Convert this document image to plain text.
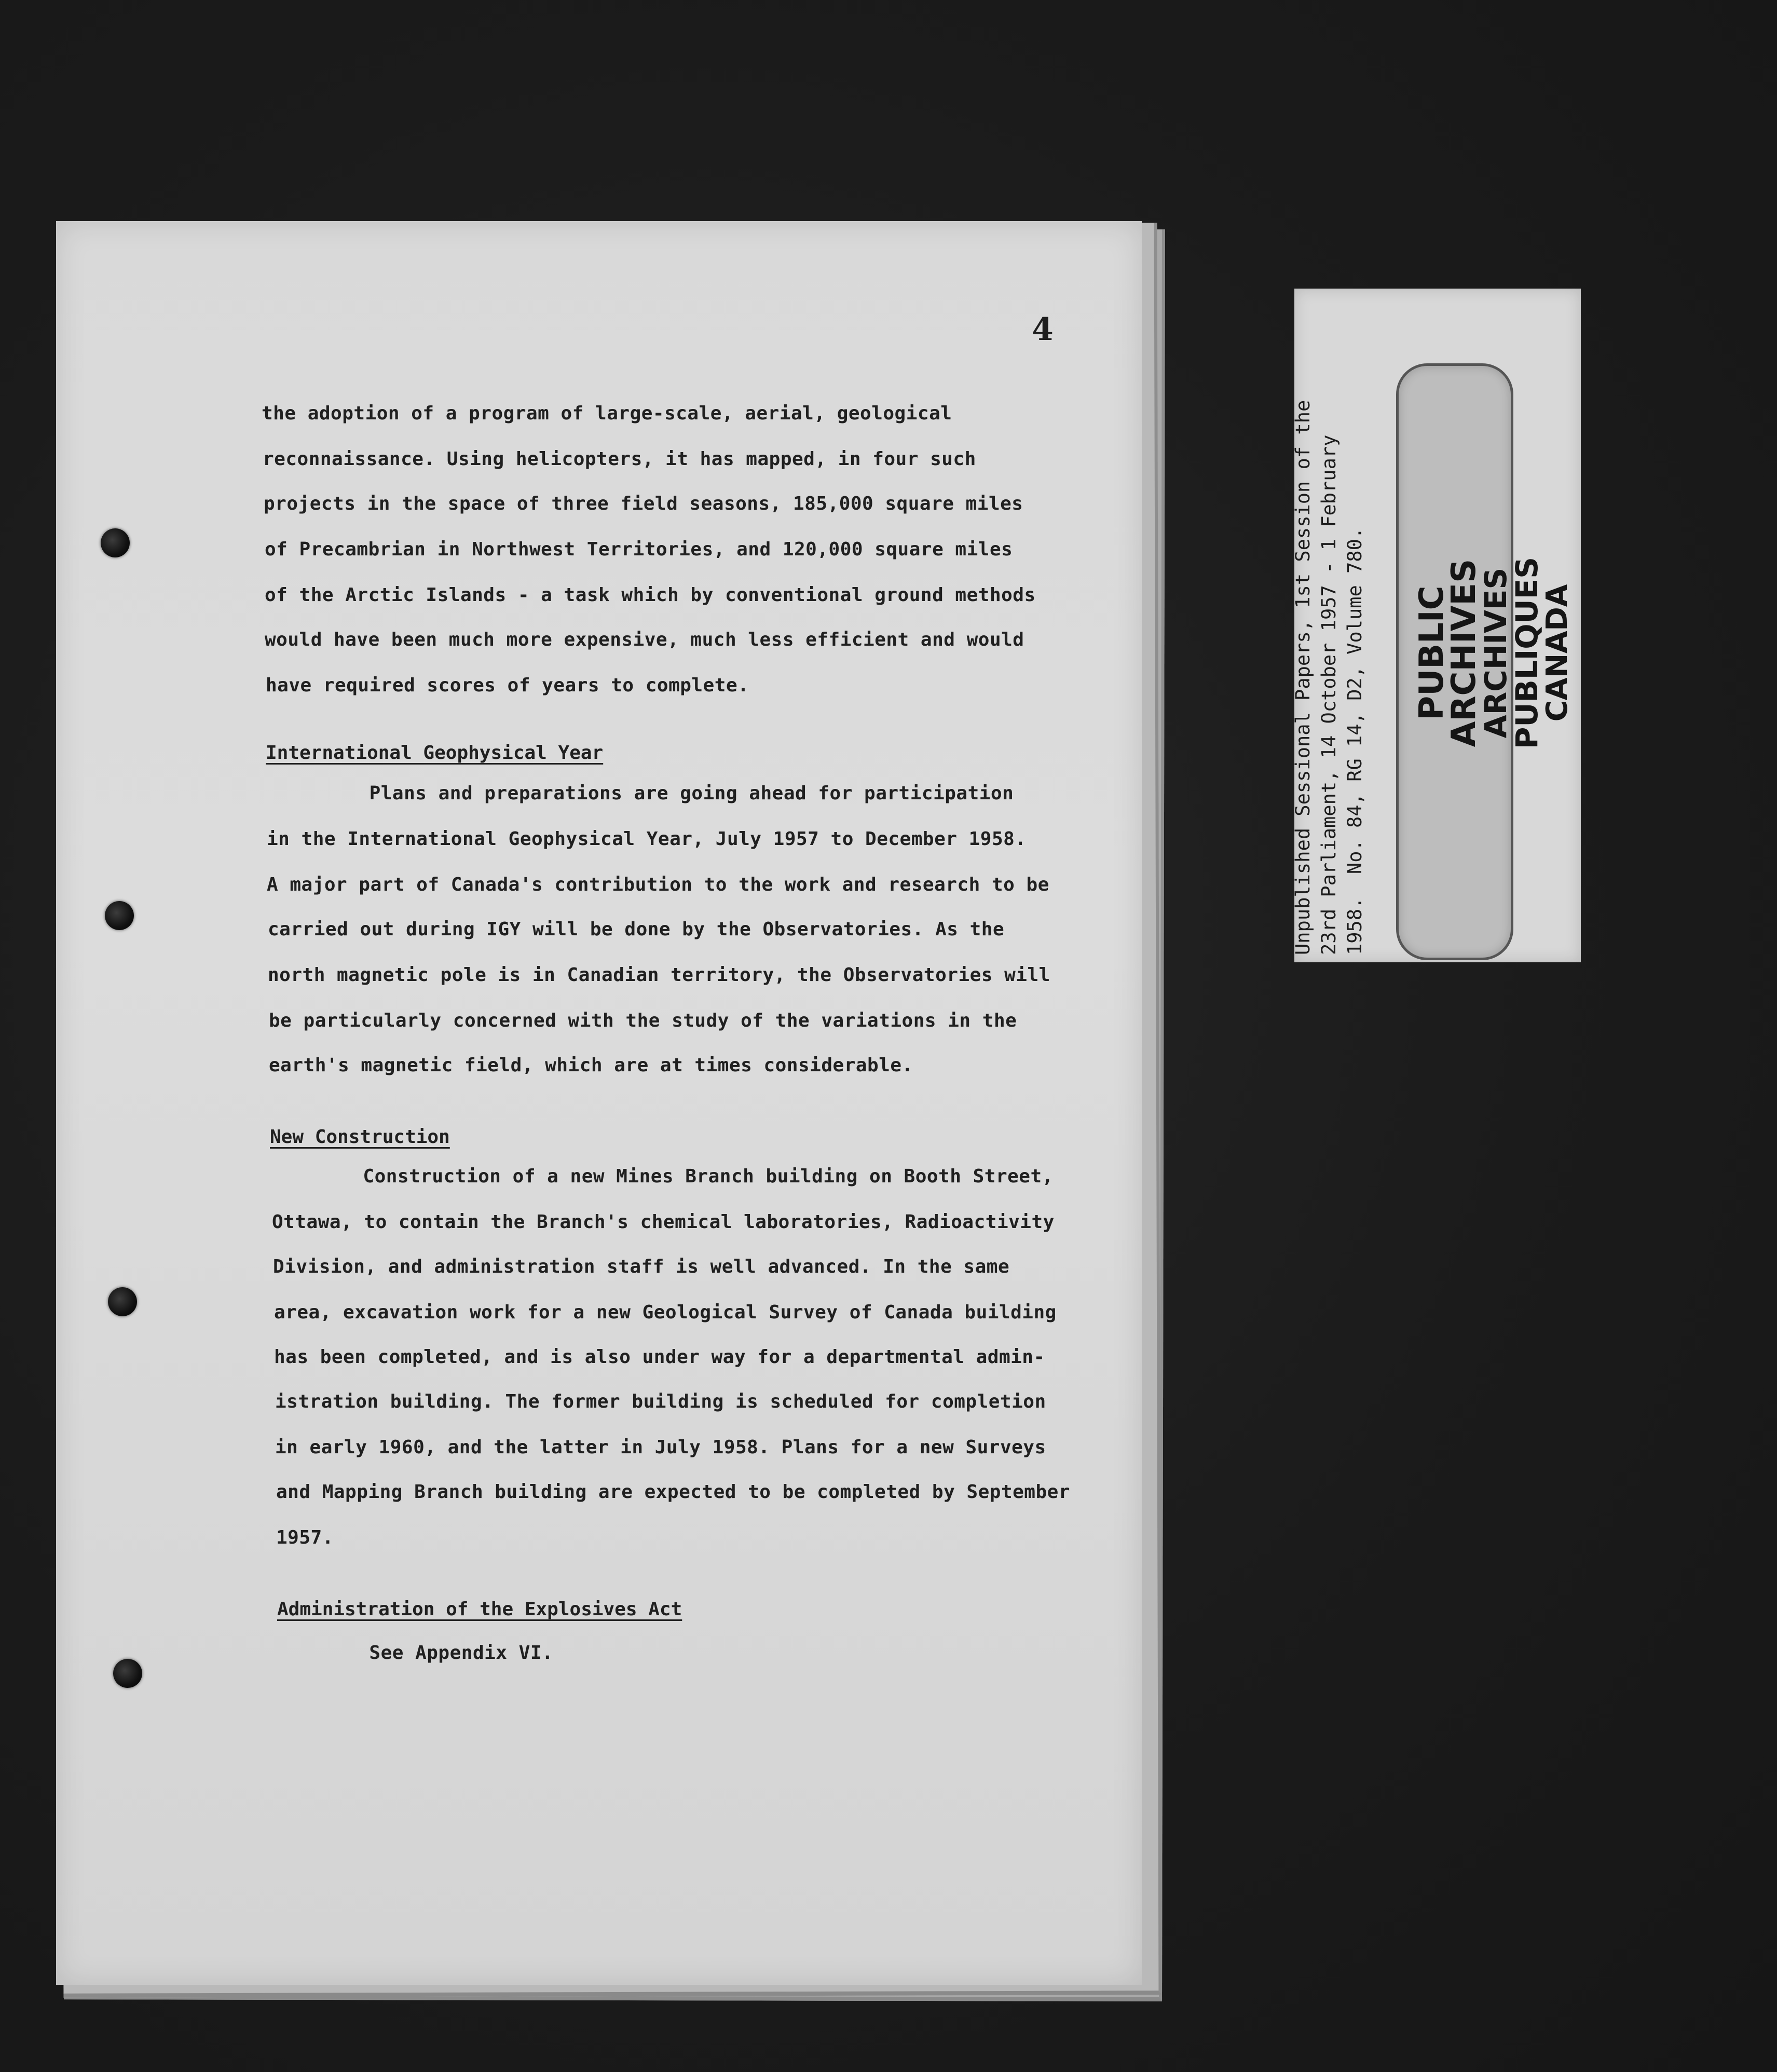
4

the adoption of a program of large-scale, aerial, geological

reconnaissance. Using helicopters, it has mapped, in four such

projects in the space of three field seasons, 185,000 square miles

of Precambrian in Northwest Territories, and 120,000 square miles

of the Arctic Islands - a task which by conventional ground methods

would have been much more expensive, much less efficient and would

have required scores of years to complete.

International Geophysical Year

Plans and preparations are going ahead for participation

in the International Geophysical Year, July 1957 to December 1958.

A major part of Canada's contribution to the work and research to be

carried out during IGY will be done by the Observatories. As the

north magnetic pole is in Canadian territory, the Observatories will

be particularly concerned with the study of the variations in the

earth's magnetic field, which are at times considerable.

New Construction

Construction of a new Mines Branch building on Booth Street,

Ottawa, to contain the Branch's chemical laboratories, Radioactivity

Division, and administration staff is well advanced. In the same

area, excavation work for a new Geological Survey of Canada building

has been completed, and is also under way for a departmental admin-

istration building. The former building is scheduled for completion

in early 1960, and the latter in July 1958. Plans for a new Surveys

and Mapping Branch building are expected to be completed by September

1957.

Administration of the Explosives Act

See Appendix VI.

Unpublished Sessional Papers, 1st Session of the 23rd Parliament, 14 October 1957 - 1 February 1958.  No. 84, RG 14, D2, Volume 780. PUBLIC ARCHIVES
ARCHIVES PUBLIQUES
CANADA
